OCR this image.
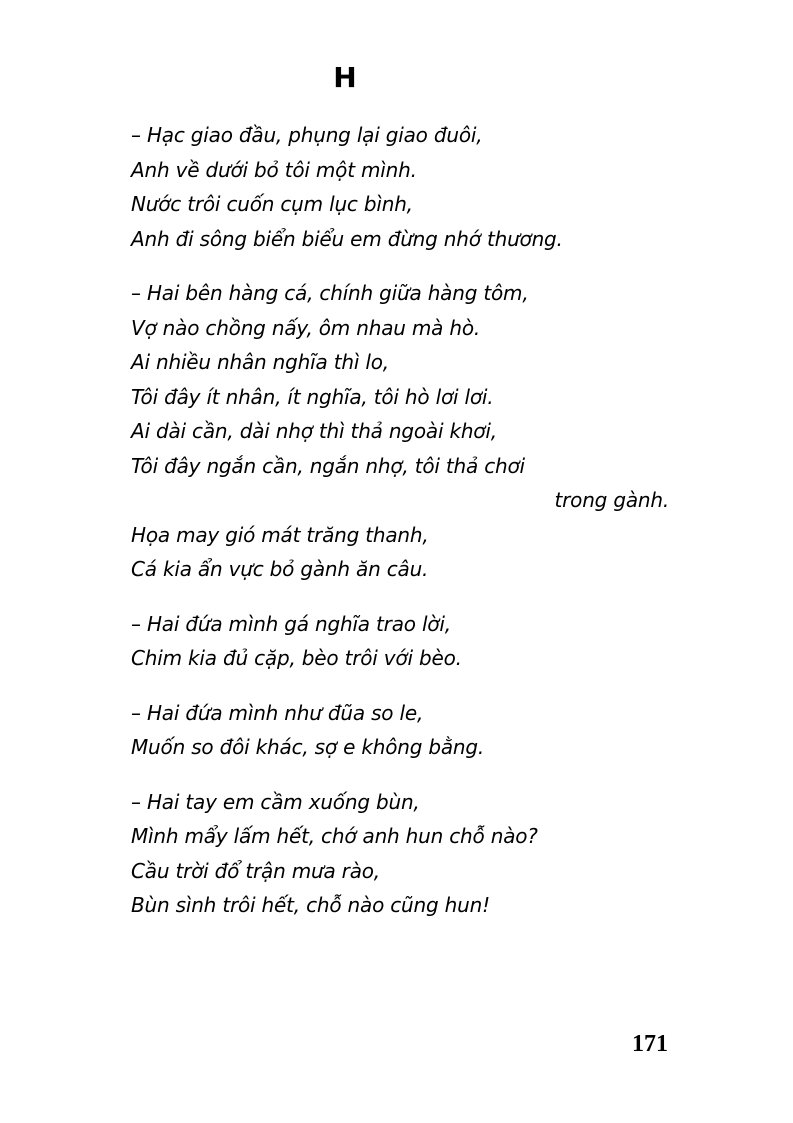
H
– Hạc giao đầu, phụng lại giao đuôi,
Anh về dưới bỏ tôi một mình.
Nước trôi cuốn cụm lục bình,
Anh đi sông biển biểu em đừng nhớ thương.
– Hai bên hàng cá, chính giữa hàng tôm,
Vợ nào chồng nấy, ôm nhau mà hò.
Ai nhiều nhân nghĩa thì lo,
Tôi đây ít nhân, ít nghĩa, tôi hò lơi lơi.
Ai dài cần, dài nhợ thì thả ngoài khơi,
Tôi đây ngắn cần, ngắn nhợ, tôi thả chơi
trong gành.
Họa may gió mát trăng thanh,
Cá kia ẩn vực bỏ gành ăn câu.
– Hai đứa mình gá nghĩa trao lời,
Chim kia đủ cặp, bèo trôi với bèo.
– Hai đứa mình như đũa so le,
Muốn so đôi khác, sợ e không bằng.
– Hai tay em cầm xuống bùn,
Mình mẩy lấm hết, chớ anh hun chỗ nào?
Cầu trời đổ trận mưa rào,
Bùn sình trôi hết, chỗ nào cũng hun!
171
